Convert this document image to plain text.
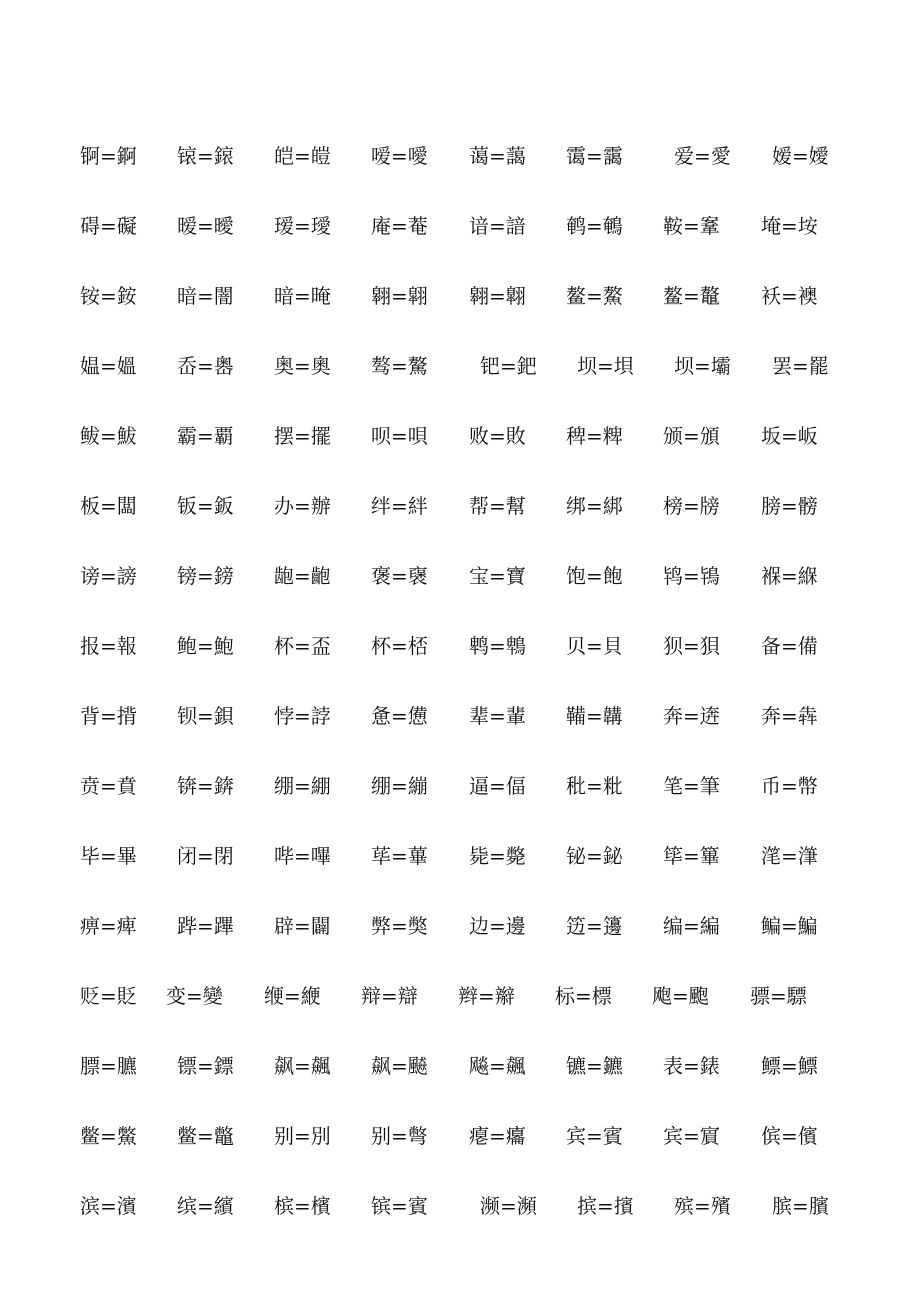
锕=錒 锿=鎄 皑=皚 嗳=噯 蔼=藹 霭=靄	爱=愛 嫒=嬡
碍=礙 暧=曖 瑷=璦 庵=菴 谙=諳 鹌=鵪 鞍=鞌 埯=垵
铵=銨 暗=闇 暗=晻 翱=翶 翱=翺 鳌=鰲 鳌=鼇 袄=襖
媪=媼 岙=嶴 奥=奧 骜=驁	钯=鈀 坝=垻 坝=壩 罢=罷
鲅=鮁 霸=覇 摆=擺 呗=唄 败=敗 稗=粺 颁=頒 坂=岅
板=闆 钣=鈑 办=辦 绊=絆 帮=幫 绑=綁 榜=牓 膀=髈
谤=謗 镑=鎊 龅=齙 褒=襃 宝=寶 饱=飽 鸨=鴇 褓=緥
报=報 鲍=鮑 杯=盃 杯=桮 鹎=鵯 贝=貝 狈=狽 备=備
背=揹 钡=鋇 悖=誖 惫=憊 辈=輩 鞴=韝 奔=逩 奔=犇
贲=賁 锛=錛 绷=綳 绷=繃 逼=偪 秕=粃 笔=筆 币=幣
毕=畢 闭=閉 哔=嗶 荜=蓽 毙=斃 铋=鉍 筚=篳 滗=潷
痹=痺 跸=蹕 辟=闢 弊=獘 边=邊 笾=籩 编=編 鳊=鯿
贬=貶 变=變 缏=緶 辩=辯 辫=辮 标=標 飑=颮 骠=驃
膘=臕 镖=鏢 飙=飆 飙=飇 飚=飆 镳=鑣 表=錶 鳔=鰾
鳖=鱉 鳖=鼈 别=別 别=彆 瘪=癟 宾=賓 宾=賔 傧=儐
滨=濱 缤=繽 槟=檳 镔=賓	濒=瀕 摈=擯 殡=殯 膑=臏
